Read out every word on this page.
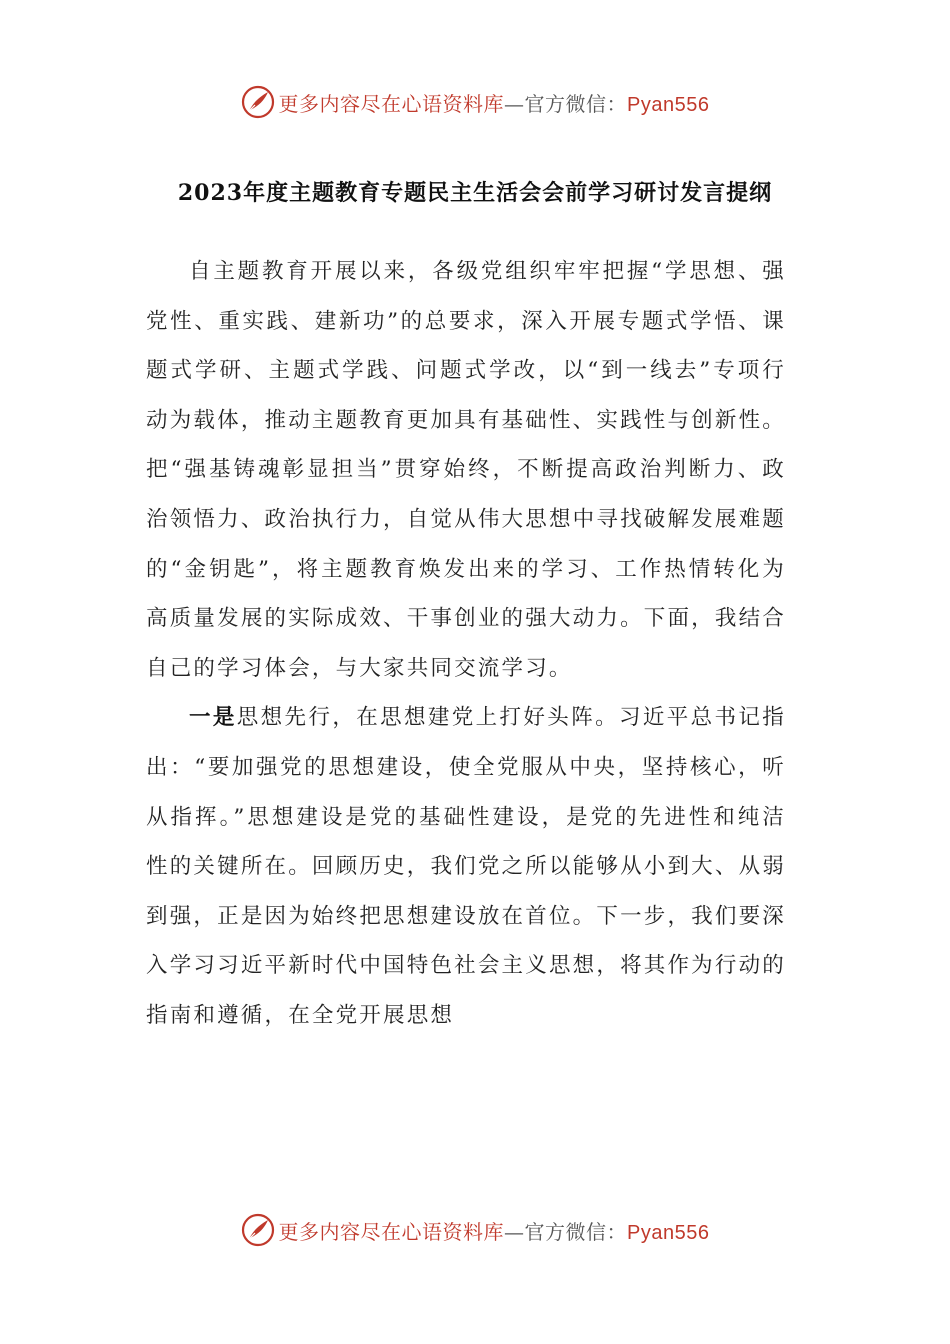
更多内容尽在心语资料库—官方微信：Pyan556
2023年度主题教育专题民主生活会会前学习研讨发言提纲

自主题教育开展以来，各级党组织牢牢把握“学思想、强党性、重实践、建新功”的总要求，深入开展专题式学悟、课题式学研、主题式学践、问题式学改，以“到一线去”专项行动为载体，推动主题教育更加具有基础性、实践性与创新性。把“强基铸魂彰显担当”贯穿始终，不断提高政治判断力、政治领悟力、政治执行力，自觉从伟大思想中寻找破解发展难题的“金钥匙”，将主题教育焕发出来的学习、工作热情转化为高质量发展的实际成效、干事创业的强大动力。下面，我结合自己的学习体会，与大家共同交流学习。

一是思想先行，在思想建党上打好头阵。习近平总书记指出：“要加强党的思想建设，使全党服从中央，坚持核心，听从指挥。”思想建设是党的基础性建设，是党的先进性和纯洁性的关键所在。回顾历史，我们党之所以能够从小到大、从弱到强，正是因为始终把思想建设放在首位。下一步，我们要深入学习习近平新时代中国特色社会主义思想，将其作为行动的指南和遵循，在全党开展思想

更多内容尽在心语资料库—官方微信：Pyan556
